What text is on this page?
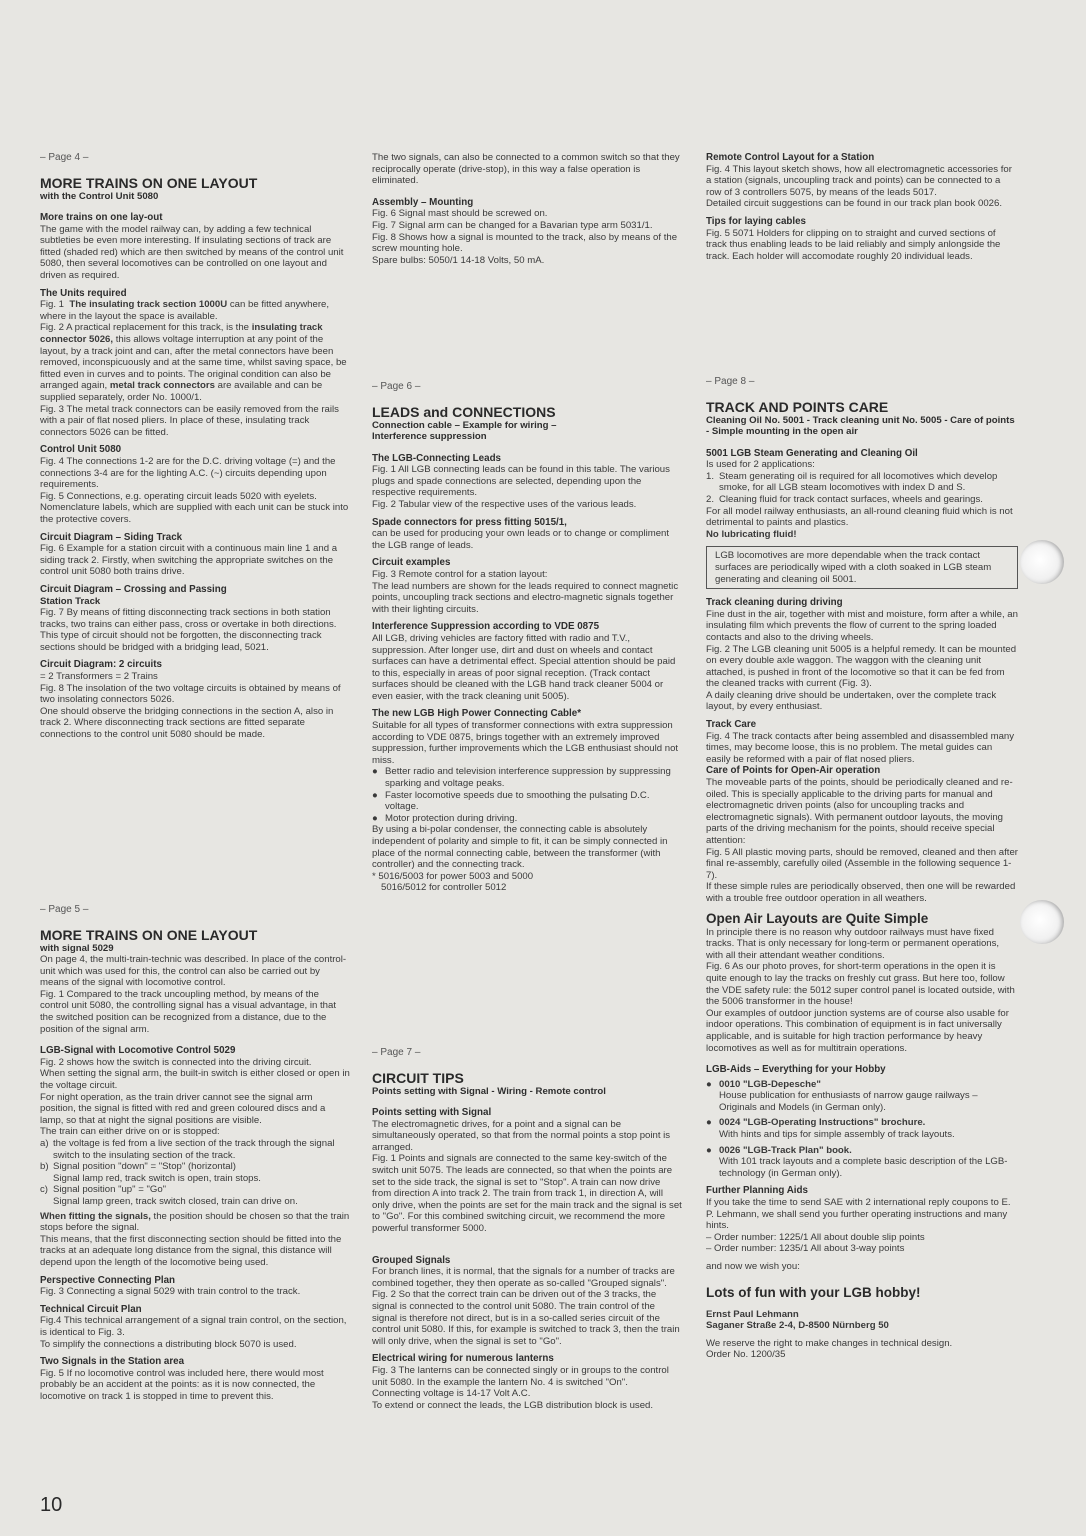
– Page 4 –
MORE TRAINS ON ONE LAYOUT
with the Control Unit 5080
More trains on one lay-out

The game with the model railway can, by adding a few technical subtleties be even more interesting. If insulating sections of track are fitted (shaded red) which are then switched by means of the control unit 5080, then several locomotives can be controlled on one layout and driven as required.

The Units required

Fig. 1 The insulating track section 1000U can be fitted anywhere, where in the layout the space is available.

Fig. 2 A practical replacement for this track, is the insulating track connector 5026, this allows voltage interruption at any point of the layout, by a track joint and can, after the metal connectors have been removed, inconspicuously and at the same time, whilst saving space, be fitted even in curves and to points. The original condition can also be arranged again, metal track connectors are available and can be supplied separately, order No. 1000/1.

Fig. 3 The metal track connectors can be easily removed from the rails with a pair of flat nosed pliers. In place of these, insulating track connectors 5026 can be fitted.

Control Unit 5080

Fig. 4 The connections 1-2 are for the D.C. driving voltage (=) and the connections 3-4 are for the lighting A.C. (~) circuits depending upon requirements.

Fig. 5 Connections, e.g. operating circuit leads 5020 with eyelets.

Nomenclature labels, which are supplied with each unit can be stuck into the protective covers.

Circuit Diagram – Siding Track

Fig. 6 Example for a station circuit with a continuous main line 1 and a siding track 2. Firstly, when switching the appropriate switches on the control unit 5080 both trains drive.

Circuit Diagram – Crossing and Passing
Station Track

Fig. 7 By means of fitting disconnecting track sections in both station tracks, two trains can either pass, cross or overtake in both directions. This type of circuit should not be forgotten, the disconnecting track sections should be bridged with a bridging lead, 5021.

Circuit Diagram: 2 circuits

= 2 Transformers = 2 Trains

Fig. 8 The insolation of the two voltage circuits is obtained by means of two insolating connectors 5026.

One should observe the bridging connections in the section A, also in track 2. Where disconnecting track sections are fitted separate connections to the control unit 5080 should be made.

– Page 5 –
MORE TRAINS ON ONE LAYOUT
with signal 5029

On page 4, the multi-train-technic was described. In place of the control-unit which was used for this, the control can also be carried out by means of the signal with locomotive control.

Fig. 1 Compared to the track uncoupling method, by means of the control unit 5080, the controlling signal has a visual advantage, in that the switched position can be recognized from a distance, due to the position of the signal arm.

LGB-Signal with Locomotive Control 5029

Fig. 2 shows how the switch is connected into the driving circuit.

When setting the signal arm, the built-in switch is either closed or open in the voltage circuit.

For night operation, as the train driver cannot see the signal arm position, the signal is fitted with red and green coloured discs and a lamp, so that at night the signal positions are visible.

The train can either drive on or is stopped:

a) the voltage is fed from a live section of the track through the signal switch to the insulating section of the track.
b) Signal position "down" = "Stop" (horizontal)
Signal lamp red, track switch is open, train stops.
c) Signal position "up" = "Go"
Signal lamp green, track switch closed, train can drive on.

When fitting the signals, the position should be chosen so that the train stops before the signal.

This means, that the first disconnecting section should be fitted into the tracks at an adequate long distance from the signal, this distance will depend upon the length of the locomotive being used.

Perspective Connecting Plan

Fig. 3 Connecting a signal 5029 with train control to the track.

Technical Circuit Plan

Fig.4 This technical arrangement of a signal train control, on the section, is identical to Fig. 3.

To simplify the connections a distributing block 5070 is used.

Two Signals in the Station area

Fig. 5 If no locomotive control was included here, there would most probably be an accident at the points: as it is now connected, the locomotive on track 1 is stopped in time to prevent this.

The two signals, can also be connected to a common switch so that they reciprocally operate (drive-stop), in this way a false operation is eliminated.

Assembly – Mounting

Fig. 6 Signal mast should be screwed on.

Fig. 7 Signal arm can be changed for a Bavarian type arm 5031/1.

Fig. 8 Shows how a signal is mounted to the track, also by means of the screw mounting hole.

Spare bulbs: 5050/1 14-18 Volts, 50 mA.

– Page 6 –
LEADS and CONNECTIONS
Connection cable – Example for wiring –
Interference suppression
The LGB-Connecting Leads

Fig. 1 All LGB connecting leads can be found in this table. The various plugs and spade connections are selected, depending upon the respective requirements.

Fig. 2 Tabular view of the respective uses of the various leads.

Spade connectors for press fitting 5015/1,

can be used for producing your own leads or to change or compliment the LGB range of leads.

Circuit examples

Fig. 3 Remote control for a station layout:

The lead numbers are shown for the leads required to connect magnetic points, uncoupling track sections and electro-magnetic signals together with their lighting circuits.

Interference Suppression according to VDE 0875

All LGB, driving vehicles are factory fitted with radio and T.V., suppression. After longer use, dirt and dust on wheels and contact surfaces can have a detrimental effect. Special attention should be paid to this, especially in areas of poor signal reception. (Track contact surfaces should be cleaned with the LGB hand track cleaner 5004 or even easier, with the track cleaning unit 5005).

The new LGB High Power Connecting Cable*

Suitable for all types of transformer connections with extra suppression according to VDE 0875, brings together with an extremely improved suppression, further improvements which the LGB enthusiast should not miss.

● Better radio and television interference suppression by suppressing sparking and voltage peaks.
● Faster locomotive speeds due to smoothing the pulsating D.C. voltage.
● Motor protection during driving.

By using a bi-polar condenser, the connecting cable is absolutely independent of polarity and simple to fit, it can be simply connected in place of the normal connecting cable, between the transformer (with controller) and the connecting track.

* 5016/5003 for power 5003 and 5000

5016/5012 for controller 5012

– Page 7 –
CIRCUIT TIPS
Points setting with Signal - Wiring - Remote control
Points setting with Signal

The electromagnetic drives, for a point and a signal can be simultaneously operated, so that from the normal points a stop point is arranged.

Fig. 1 Points and signals are connected to the same key-switch of the switch unit 5075. The leads are connected, so that when the points are set to the side track, the signal is set to "Stop". A train can now drive from direction A into track 2. The train from track 1, in direction A, will only drive, when the points are set for the main track and the signal is set to "Go". For this combined switching circuit, we recommend the more powerful transformer 5000.

Grouped Signals

For branch lines, it is normal, that the signals for a number of tracks are combined together, they then operate as so-called "Grouped signals".

Fig. 2 So that the correct train can be driven out of the 3 tracks, the signal is connected to the control unit 5080. The train control of the signal is therefore not direct, but is in a so-called series circuit of the control unit 5080. If this, for example is switched to track 3, then the train will only drive, when the signal is set to "Go".

Electrical wiring for numerous lanterns

Fig. 3 The lanterns can be connected singly or in groups to the control unit 5080. In the example the lantern No. 4 is switched "On".

Connecting voltage is 14-17 Volt A.C.

To extend or connect the leads, the LGB distribution block is used.

Remote Control Layout for a Station

Fig. 4 This layout sketch shows, how all electromagnetic accessories for a station (signals, uncoupling track and points) can be connected to a row of 3 controllers 5075, by means of the leads 5017.

Detailed circuit suggestions can be found in our track plan book 0026.

Tips for laying cables

Fig. 5 5071 Holders for clipping on to straight and curved sections of track thus enabling leads to be laid reliably and simply anlongside the track. Each holder will accomodate roughly 20 individual leads.

– Page 8 –
TRACK AND POINTS CARE
Cleaning Oil No. 5001 - Track cleaning unit No. 5005 - Care of points - Simple mounting in the open air
5001 LGB Steam Generating and Cleaning Oil

Is used for 2 applications:

1. Steam generating oil is required for all locomotives which develop smoke, for all LGB steam locomotives with index D and S.
2. Cleaning fluid for track contact surfaces, wheels and gearings.

For all model railway enthusiasts, an all-round cleaning fluid which is not detrimental to paints and plastics.

No lubricating fluid!

LGB locomotives are more dependable when the track contact surfaces are periodically wiped with a cloth soaked in LGB steam generating and cleaning oil 5001.
Track cleaning during driving

Fine dust in the air, together with mist and moisture, form after a while, an insulating film which prevents the flow of current to the spring loaded contacts and also to the driving wheels.

Fig. 2 The LGB cleaning unit 5005 is a helpful remedy. It can be mounted on every double axle waggon. The waggon with the cleaning unit attached, is pushed in front of the locomotive so that it can be fed from the cleaned tracks with current (Fig. 3).

A daily cleaning drive should be undertaken, over the complete track layout, by every enthusiast.

Track Care

Fig. 4 The track contacts after being assembled and disassembled many times, may become loose, this is no problem. The metal guides can easily be reformed with a pair of flat nosed pliers.

Care of Points for Open-Air operation

The moveable parts of the points, should be periodically cleaned and re-oiled. This is specially applicable to the driving parts for manual and electromagnetic driven points (also for uncoupling tracks and electromagnetic signals). With permanent outdoor layouts, the moving parts of the driving mechanism for the points, should receive special attention:

Fig. 5 All plastic moving parts, should be removed, cleaned and then after final re-assembly, carefully oiled (Assemble in the following sequence 1-7).

If these simple rules are periodically observed, then one will be rewarded with a trouble free outdoor operation in all weathers.

Open Air Layouts are Quite Simple

In principle there is no reason why outdoor railways must have fixed tracks. That is only necessary for long-term or permanent operations, with all their attendant weather conditions.

Fig. 6 As our photo proves, for short-term operations in the open it is quite enough to lay the tracks on freshly cut grass. But here too, follow the VDE safety rule: the 5012 super control panel is located outside, with the 5006 transformer in the house!

Our examples of outdoor junction systems are of course also usable for indoor operations. This combination of equipment is in fact universally applicable, and is suitable for high traction performance by heavy locomotives as well as for multitrain operations.

LGB-Aids – Everything for your Hobby
● 0010 "LGB-Depesche"
House publication for enthusiasts of narrow gauge railways – Originals and Models (in German only).
● 0024 "LGB-Operating Instructions" brochure.
With hints and tips for simple assembly of track layouts.
● 0026 "LGB-Track Plan" book.
With 101 track layouts and a complete basic description of the LGB-technology (in German only).
Further Planning Aids

If you take the time to send SAE with 2 international reply coupons to E. P. Lehmann, we shall send you further operating instructions and many hints.

– Order number: 1225/1 All about double slip points

– Order number: 1235/1 All about 3-way points

and now we wish you:

Lots of fun with your LGB hobby!

Ernst Paul Lehmann

Saganer Straße 2-4, D-8500 Nürnberg 50

We reserve the right to make changes in technical design.

Order No. 1200/35

10
